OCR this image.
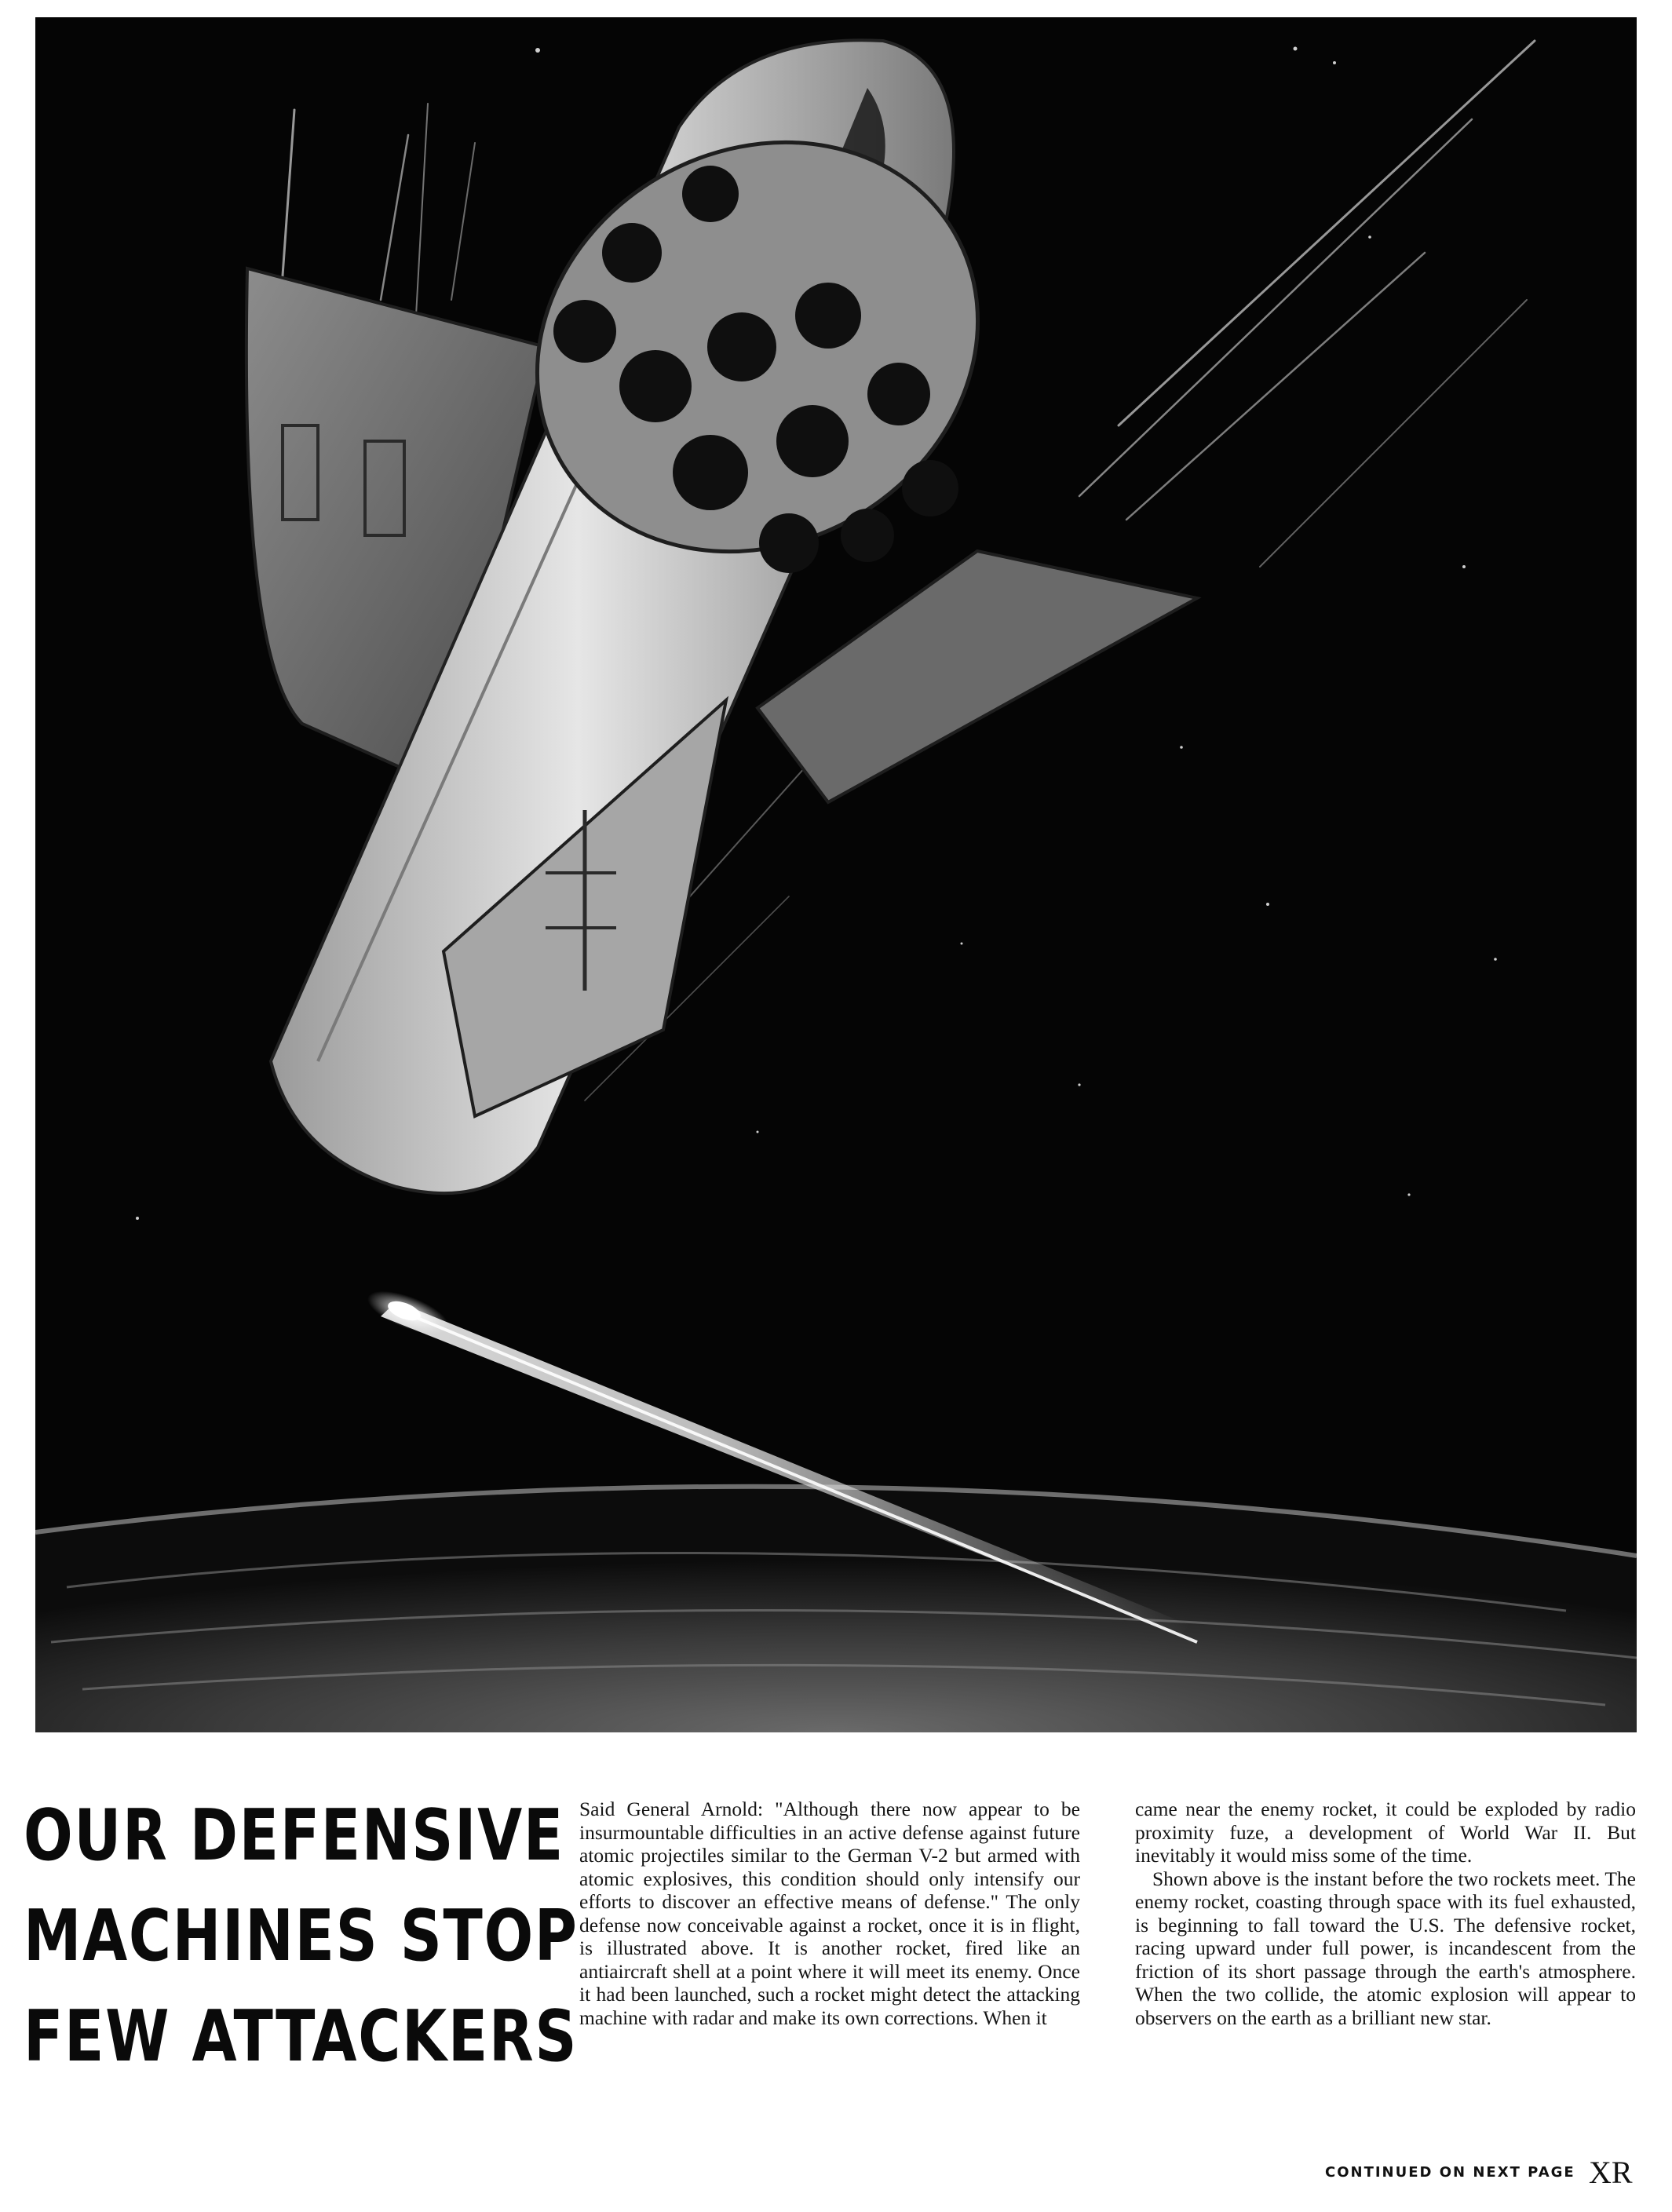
OUR DEFENSIVE
MACHINES STOP
FEW ATTACKERS

Said General Arnold: "Although there now appear to be insurmountable difficulties in an active defense against future atomic projectiles similar to the German V-2 but armed with atomic explosives, this condition should only intensify our efforts to discover an effective means of defense." The only defense now conceivable against a rocket, once it is in flight, is illustrated above. It is another rocket, fired like an antiaircraft shell at a point where it will meet its enemy. Once it had been launched, such a rocket might detect the attacking machine with radar and make its own corrections. When it

came near the enemy rocket, it could be exploded by radio proximity fuze, a development of World War II. But inevitably it would miss some of the time.

Shown above is the instant before the two rockets meet. The enemy rocket, coasting through space with its fuel exhausted, is beginning to fall toward the U.S. The defensive rocket, racing upward under full power, is incandescent from the friction of its short passage through the earth's atmosphere. When the two collide, the atomic explosion will appear to observers on the earth as a brilliant new star.

CONTINUED ON NEXT PAGE XR
